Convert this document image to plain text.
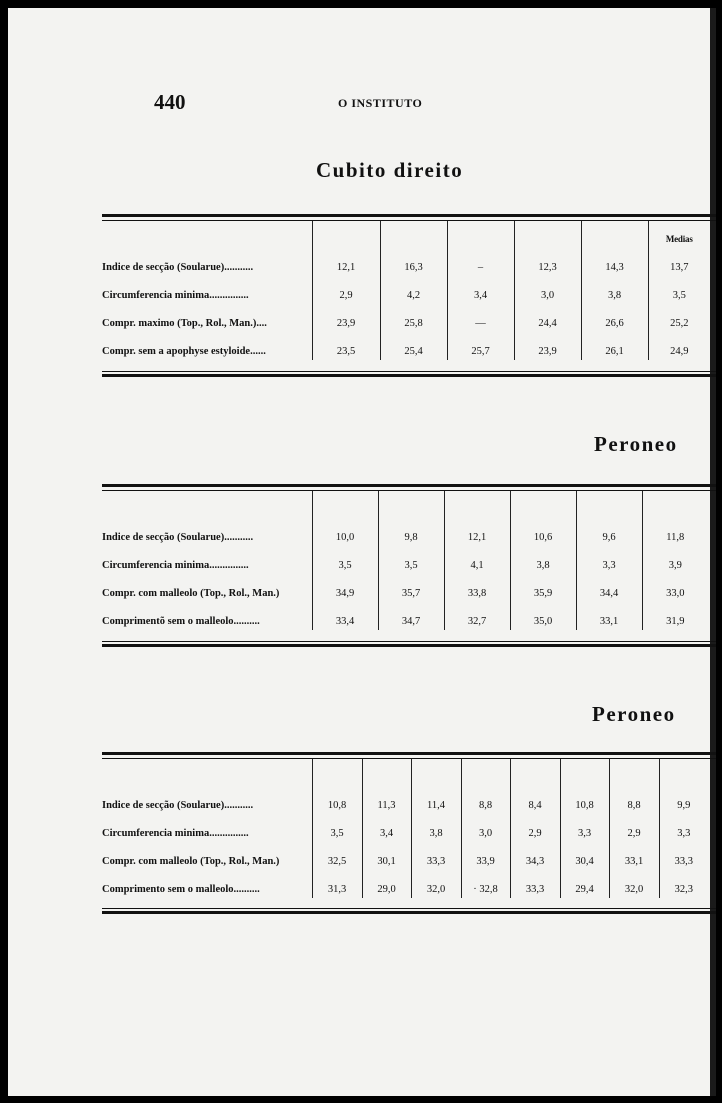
440	O INSTITUTO
Cubito direito
						Medias
Indice de secção (Soularue)...........	12,1	16,3	–	12,3	14,3	13,7
Circumferencia minima...............	2,9	4,2	3,4	3,0	3,8	3,5
Compr. maximo (Top., Rol., Man.)....	23,9	25,8	—	24,4	26,6	25,2
Compr. sem a apophyse estyloide......	23,5	25,4	25,7	23,9	26,1	24,9
Peroneo

Indice de secção (Soularue)...........	10,0	9,8	12,1	10,6	9,6	11,8
Circumferencia minima...............	3,5	3,5	4,1	3,8	3,3	3,9
Compr. com malleolo (Top., Rol., Man.)	34,9	35,7	33,8	35,9	34,4	33,0
Comprimentõ sem o malleolo..........	33,4	34,7	32,7	35,0	33,1	31,9
Peroneo

Indice de secção (Soularue)...........	10,8	11,3	11,4	8,8	8,4	10,8	8,8	9,9
Circumferencia minima...............	3,5	3,4	3,8	3,0	2,9	3,3	2,9	3,3
Compr. com malleolo (Top., Rol., Man.)	32,5	30,1	33,3	33,9	34,3	30,4	33,1	33,3
Comprimento sem o malleolo..........	31,3	29,0	32,0	· 32,8	33,3	29,4	32,0	32,3
